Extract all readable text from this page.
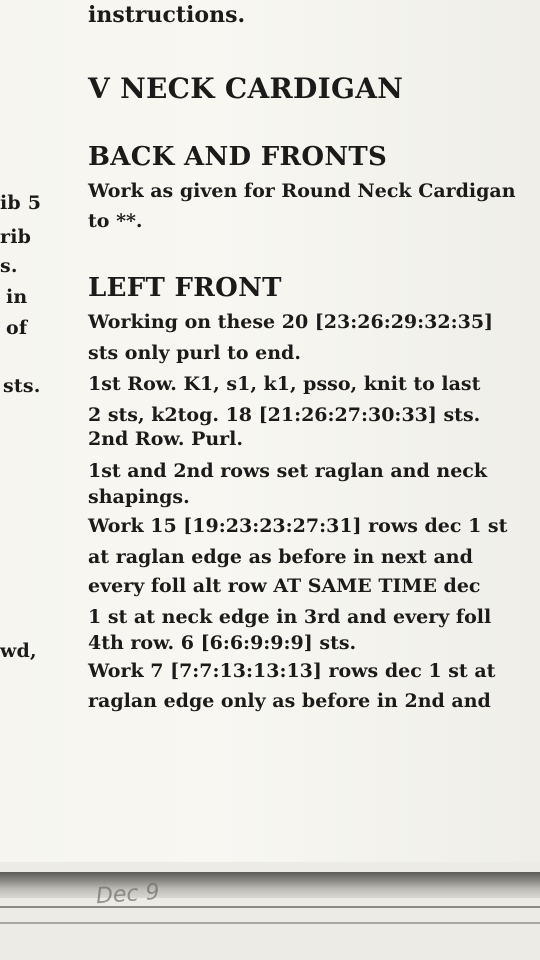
ib 5
rib
s.
in
of
sts.
wd,
instructions.
V NECK CARDIGAN
BACK AND FRONTS
Work as given for Round Neck Cardigan
to **.
LEFT FRONT
Working on these 20 [23:26:29:32:35]
sts only purl to end.
1st Row. K1, s1, k1, psso, knit to last
2 sts, k2tog. 18 [21:26:27:30:33] sts.
2nd Row. Purl.
1st and 2nd rows set raglan and neck
shapings.
Work 15 [19:23:23:27:31] rows dec 1 st
at raglan edge as before in next and
every foll alt row AT SAME TIME dec
1 st at neck edge in 3rd and every foll
4th row. 6 [6:6:9:9:9] sts.
Work 7 [7:7:13:13:13] rows dec 1 st at
raglan edge only as before in 2nd and
Dec 9
